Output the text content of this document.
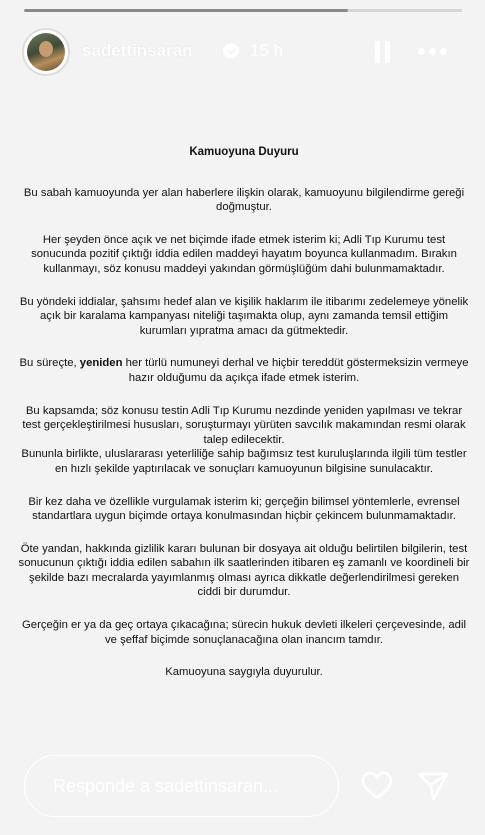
sadettinsaran	15 h
Kamuoyuna Duyuru

Bu sabah kamuoyunda yer alan haberlere ilişkin olarak, kamuoyunu bilgilendirme gereği doğmuştur.

Her şeyden önce açık ve net biçimde ifade etmek isterim ki; Adli Tıp Kurumu test sonucunda pozitif çıktığı iddia edilen maddeyi hayatım boyunca kullanmadım. Bırakın kullanmayı, söz konusu maddeyi yakından görmüşlüğüm dahi bulunmamaktadır.

Bu yöndeki iddialar, şahsımı hedef alan ve kişilik haklarım ile itibarımı zedelemeye yönelik açık bir karalama kampanyası niteliği taşımakta olup, aynı zamanda temsil ettiğim kurumları yıpratma amacı da gütmektedir.

Bu süreçte, yeniden her türlü numuneyi derhal ve hiçbir tereddüt göstermeksizin vermeye hazır olduğumu da açıkça ifade etmek isterim.

Bu kapsamda; söz konusu testin Adli Tıp Kurumu nezdinde yeniden yapılması ve tekrar test gerçekleştirilmesi hususları, soruşturmayı yürüten savcılık makamından resmi olarak talep edilecektir.

Bununla birlikte, uluslararası yeterliliğe sahip bağımsız test kuruluşlarında ilgili tüm testler en hızlı şekilde yaptırılacak ve sonuçları kamuoyunun bilgisine sunulacaktır.

Bir kez daha ve özellikle vurgulamak isterim ki; gerçeğin bilimsel yöntemlerle, evrensel standartlara uygun biçimde ortaya konulmasından hiçbir çekincem bulunmamaktadır.

Öte yandan, hakkında gizlilik kararı bulunan bir dosyaya ait olduğu belirtilen bilgilerin, test sonucunun çıktığı iddia edilen sabahın ilk saatlerinden itibaren eş zamanlı ve koordineli bir şekilde bazı mecralarda yayımlanmış olması ayrıca dikkatle değerlendirilmesi gereken ciddi bir durumdur.

Gerçeğin er ya da geç ortaya çıkacağına; sürecin hukuk devleti ilkeleri çerçevesinde, adil ve şeffaf biçimde sonuçlanacağına olan inancım tamdır.

Kamuoyuna saygıyla duyurulur.

Responde a sadettinsaran...
